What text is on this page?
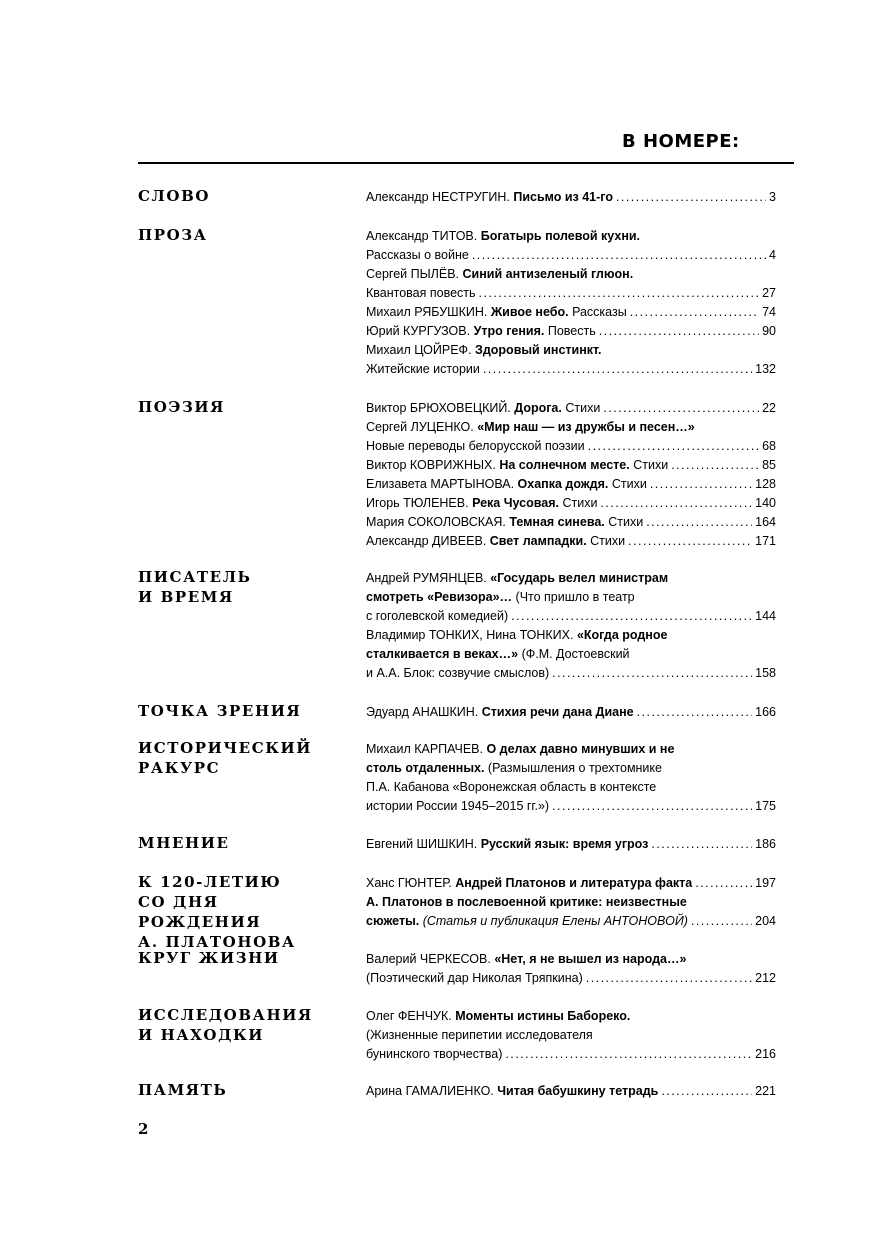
В НОМЕРЕ:
СЛОВО	Александр НЕСТРУГИН. Письмо из 41-го . . .	3
ПРОЗА	Александр ТИТОВ. Богатырь полевой кухни.
Рассказы о войне . . .	4
Сергей ПЫЛЁВ. Синий антизеленый глюон.
Квантовая повесть . . .	27
Михаил РЯБУШКИН. Живое небо. Рассказы . . .	74
Юрий КУРГУЗОВ. Утро гения. Повесть . . .	90
Михаил ЦОЙРЕФ. Здоровый инстинкт.
Житейские истории . . .	132
ПОЭЗИЯ	Виктор БРЮХОВЕЦКИЙ. Дорога. Стихи . . .	22
Сергей ЛУЦЕНКО. «Мир наш — из дружбы и песен…»
Новые переводы белорусской поэзии . . .	68
Виктор КОВРИЖНЫХ. На солнечном месте. Стихи . . .	85
Елизавета МАРТЫНОВА. Охапка дождя. Стихи . . .	128
Игорь ТЮЛЕНЕВ. Река Чусовая. Стихи . . .	140
Мария СОКОЛОВСКАЯ. Темная синева. Стихи . . .	164
Александр ДИВЕЕВ. Свет лампадки. Стихи . . .	171
ПИСАТЕЛЬ
И ВРЕМЯ
Андрей РУМЯНЦЕВ. «Государь велел министрам
смотреть «Ревизора»… (Что пришло в театр
с гоголевской комедией) . . .	144
Владимир ТОНКИХ, Нина ТОНКИХ. «Когда родное
сталкивается в веках…» (Ф.М. Достоевский
и А.А. Блок: созвучие смыслов) . . .	158
ТОЧКА ЗРЕНИЯ	Эдуард АНАШКИН. Стихия речи дана Диане . . .	166
ИСТОРИЧЕСКИЙ
РАКУРС
Михаил КАРПАЧЕВ. О делах давно минувших и не
столь отдаленных. (Размышления о трехтомнике
П.А. Кабанова «Воронежская область в контексте
истории России 1945–2015 гг.») . . .	175
МНЕНИЕ	Евгений ШИШКИН. Русский язык: время угроз . . .	186
К 120-ЛЕТИЮ
СО ДНЯ РОЖДЕНИЯ
А. ПЛАТОНОВА
Ханс ГЮНТЕР. Андрей Платонов и литература факта . . .	197
А. Платонов в послевоенной критике: неизвестные
сюжеты. (Статья и публикация Елены АНТОНОВОЙ) . . .	204
КРУГ ЖИЗНИ	Валерий ЧЕРКЕСОВ. «Нет, я не вышел из народа…»
(Поэтический дар Николая Тряпкина) . . .	212
ИССЛЕДОВАНИЯ
И НАХОДКИ
Олег ФЕНЧУК. Моменты истины Бабореко.
(Жизненные перипетии исследователя
бунинского творчества) . . .	216
ПАМЯТЬ	Арина ГАМАЛИЕНКО. Читая бабушкину тетрадь . . .	221
2
